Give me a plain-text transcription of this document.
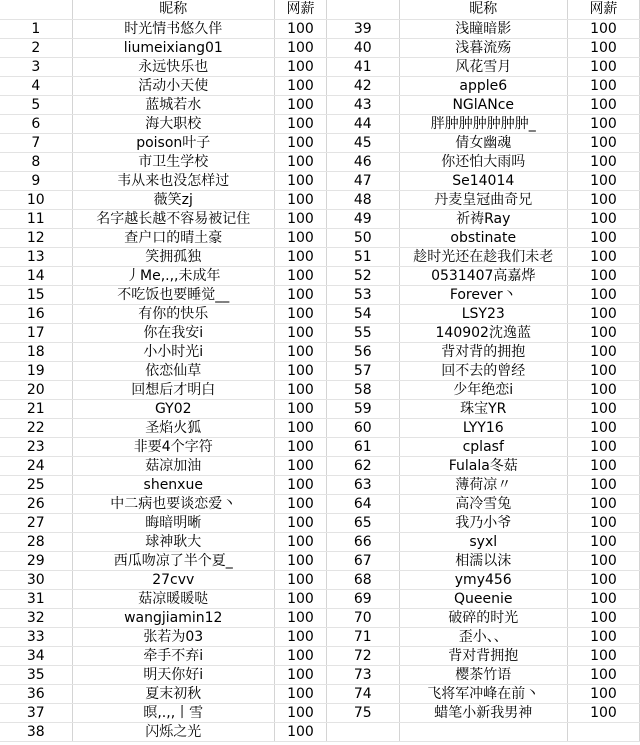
	昵称	网薪
1	时光情书悠久伴	100
2	liumeixiang01	100
3	永远快乐也	100
4	活动小天使	100
5	蓝城若水	100
6	海大职校	100
7	poison叶子	100
8	市卫生学校	100
9	韦从来也没怎样过	100
10	薇笑zj	100
11	名字越长越不容易被记住	100
12	查户口的晴土豪	100
13	笑拥孤独	100
14	丿Me,.,,未成年	100
15	不吃饭也要睡觉__	100
16	有你的快乐	100
17	你在我安i	100
18	小小时光i	100
19	依恋仙草	100
20	回想后才明白	100
21	GY02	100
22	圣焰火狐	100
23	非要4个字符	100
24	菇凉加油	100
25	shenxue	100
26	中二病也要谈恋爱丶	100
27	晦暗明晰	100
28	球神耿大	100
29	西瓜吻凉了半个夏_	100
30	27cvv	100
31	菇凉暖暖哒	100
32	wangjiamin12	100
33	张若为03	100
34	牵手不弃i	100
35	明天你好i	100
36	夏末初秋	100
37	暝,.,,丨雪	100
38	闪烁之光	100
	昵称	网薪
39	浅瞳暗影	100
40	浅暮流殇	100
41	风花雪月	100
42	apple6	100
43	NGlANce	100
44	胖肿肿肿肿肿肿_	100
45	倩女幽魂	100
46	你还怕大雨吗	100
47	Se14014	100
48	丹麦皇冠曲奇兄	100
49	祈祷Ray	100
50	obstinate	100
51	趁时光还在趁我们未老	100
52	0531407高嘉烨	100
53	Forever丶	100
54	LSY23	100
55	140902沈逸蓝	100
56	背对背的拥抱	100
57	回不去的曾经	100
58	少年绝恋i	100
59	珠宝YR	100
60	LYY16	100
61	cplasf	100
62	Fulala冬菇	100
63	薄荷凉〃	100
64	高冷雪兔	100
65	我乃小爷	100
66	syxl	100
67	相濡以沫	100
68	ymy456	100
69	Queenie	100
70	破碎的时光	100
71	歪小、、	100
72	背对背拥抱	100
73	樱茶竹语	100
74	飞将军冲峰在前丶	100
75	蜡笔小新我男神	100
